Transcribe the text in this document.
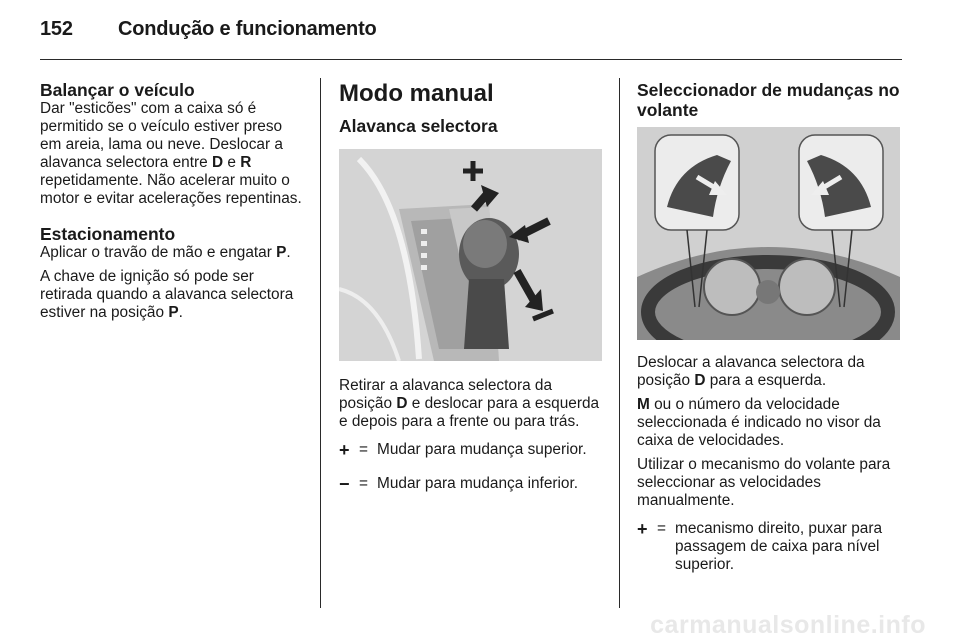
152 Condução e funcionamento
Balançar o veículo

Dar "esticões" com a caixa só é permitido se o veículo estiver preso em areia, lama ou neve. Deslocar a alavanca selectora entre D e R repetidamente. Não acelerar muito o motor e evitar acelerações repentinas.

Estacionamento

Aplicar o travão de mão e engatar P.

A chave de ignição só pode ser retirada quando a alavanca selectora estiver na posição P.

Modo manual
Alavanca selectora

Retirar a alavanca selectora da posição D e deslocar para a esquerda e depois para a frente ou para trás.

+ = Mudar para mudança superior.
− = Mudar para mudança inferior.
Seleccionador de mudanças no volante

Deslocar a alavanca selectora da posição D para a esquerda.

M ou o número da velocidade seleccionada é indicado no visor da caixa de velocidades.

Utilizar o mecanismo do volante para seleccionar as velocidades manualmente.

+ = mecanismo direito, puxar para passagem de caixa para nível superior.
carmanualsonline.info
